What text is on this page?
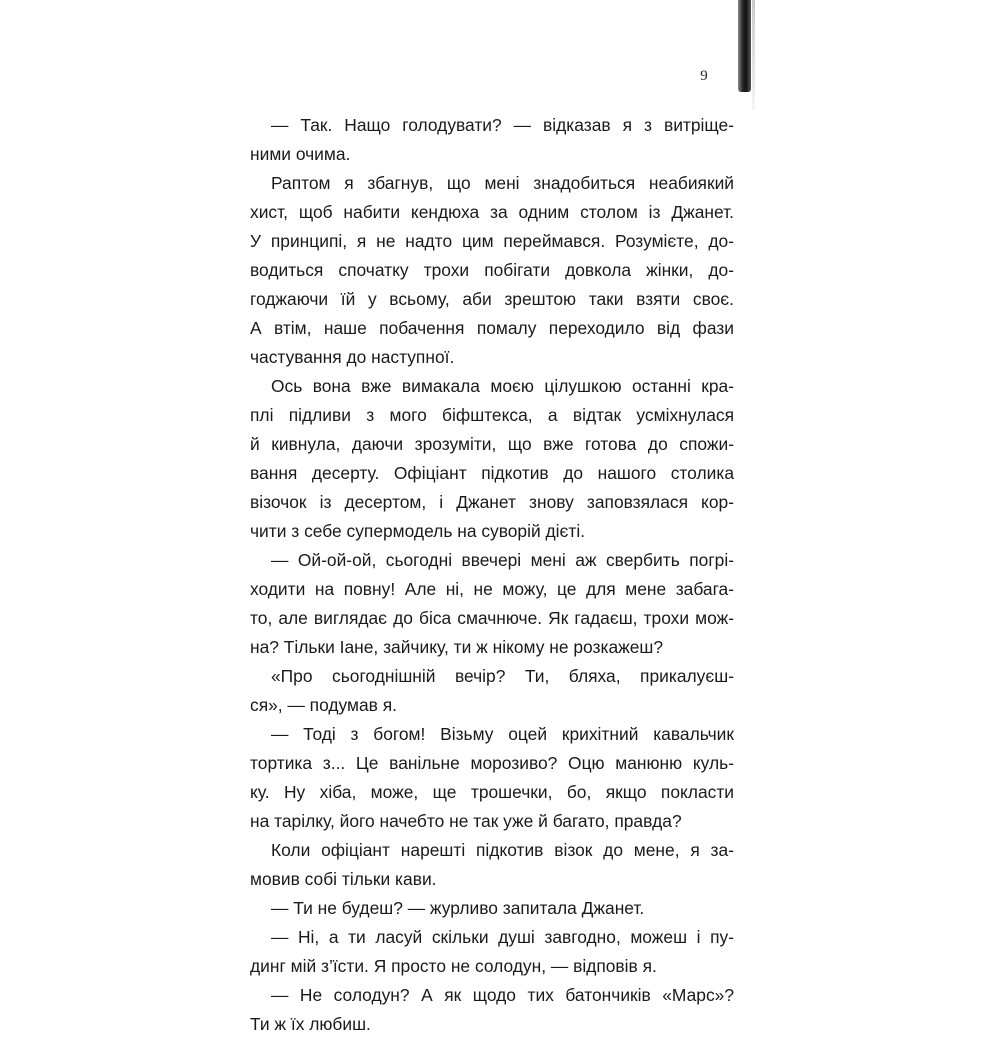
9
— Так. Нащо голодувати? — відказав я з витріще-
ними очима.
Раптом я збагнув, що мені знадобиться неабиякий
хист, щоб набити кендюха за одним столом із Джанет.
У принципі, я не надто цим переймався. Розумієте, до-
водиться спочатку трохи побігати довкола жінки, до-
годжаючи їй у всьому, аби зрештою таки взяти своє.
А втім, наше побачення помалу переходило від фази
частування до наступної.
Ось вона вже вимакала моєю цілушкою останні кра-
плі підливи з мого біфштекса, а відтак усміхнулася
й кивнула, даючи зрозуміти, що вже готова до спожи-
вання десерту. Офіціант підкотив до нашого столика
візочок із десертом, і Джанет знову заповзялася кор-
чити з себе супермодель на суворій дієті.
— Ой-ой-ой, сьогодні ввечері мені аж свербить погрі-
ходити на повну! Але ні, не можу, це для мене забага-
то, але виглядає до біса смачнюче. Як гадаєш, трохи мож-
на? Тільки Іане, зайчику, ти ж нікому не розкажеш?
«Про сьогоднішній вечір? Ти, бляха, прикалуєш-
ся», — подумав я.
— Тоді з богом! Візьму оцей крихітний кавальчик
тортика з... Це ванільне морозиво? Оцю манюню куль-
ку. Ну хіба, може, ще трошечки, бо, якщо покласти
на тарілку, його начебто не так уже й багато, правда?
Коли офіціант нарешті підкотив візок до мене, я за-
мовив собі тільки кави.
— Ти не будеш? — журливо запитала Джанет.
— Ні, а ти ласуй скільки душі завгодно, можеш і пу-
динг мій з’їсти. Я просто не солодун, — відповів я.
— Не солодун? А як щодо тих батончиків «Марс»?
Ти ж їх любиш.
